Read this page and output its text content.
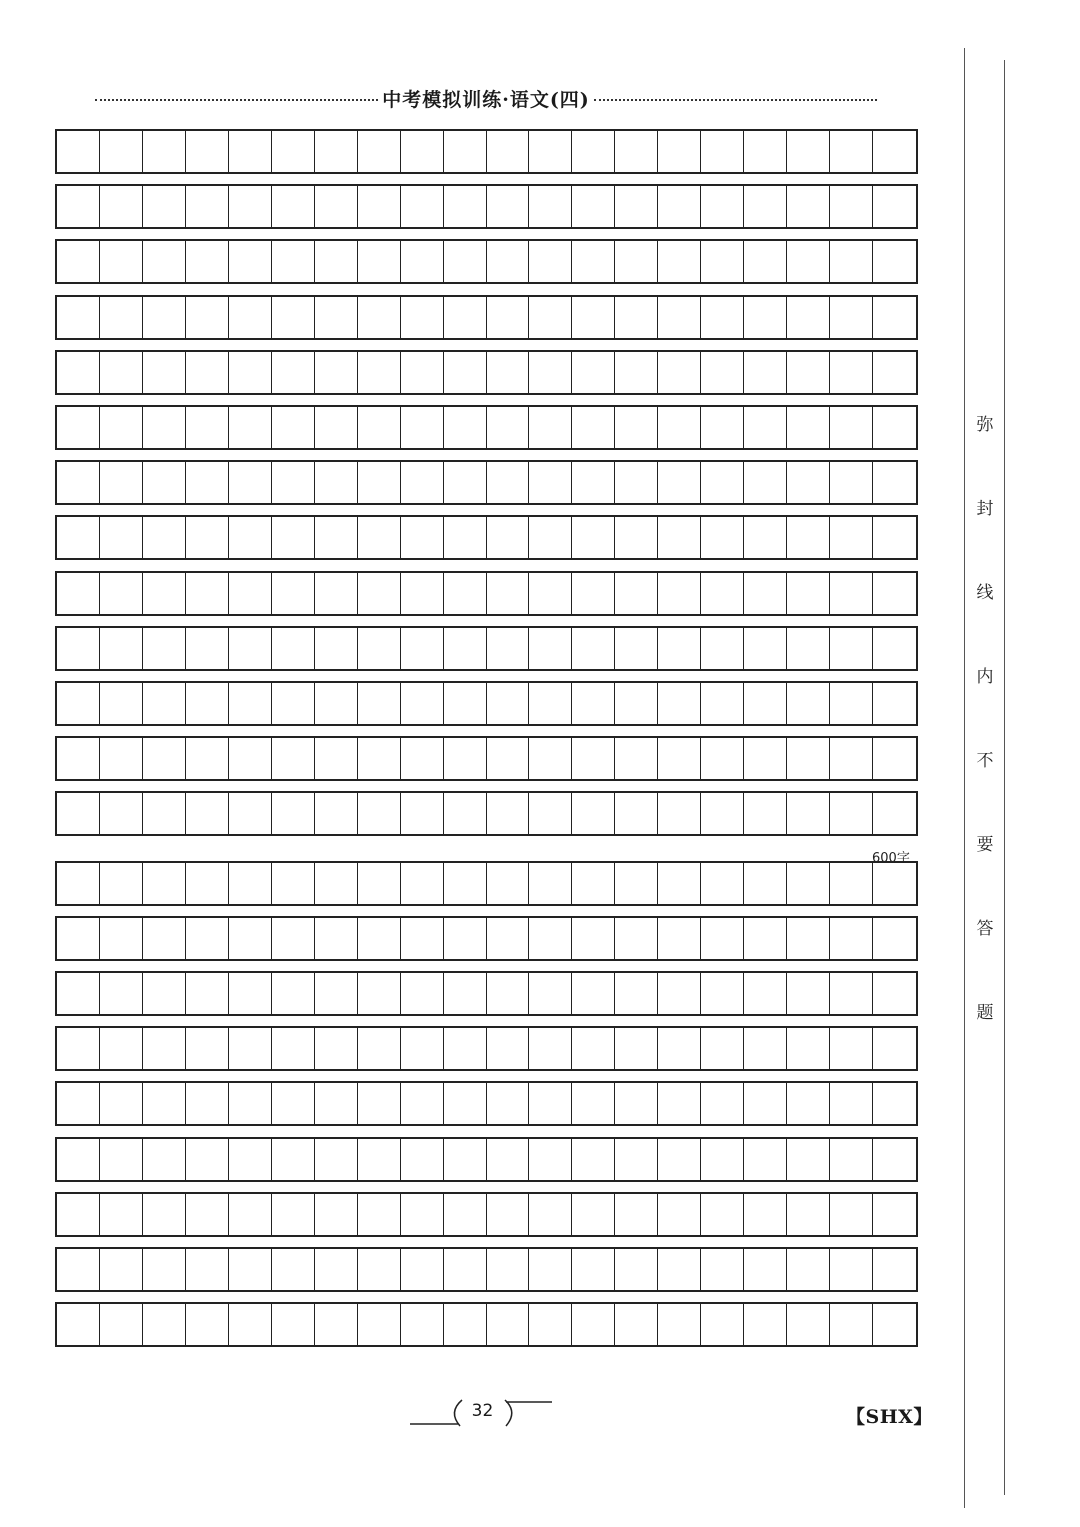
中考模拟训练·语文(四)
600字
32	【SHX】
弥
封
线
内
不
要
答
题
